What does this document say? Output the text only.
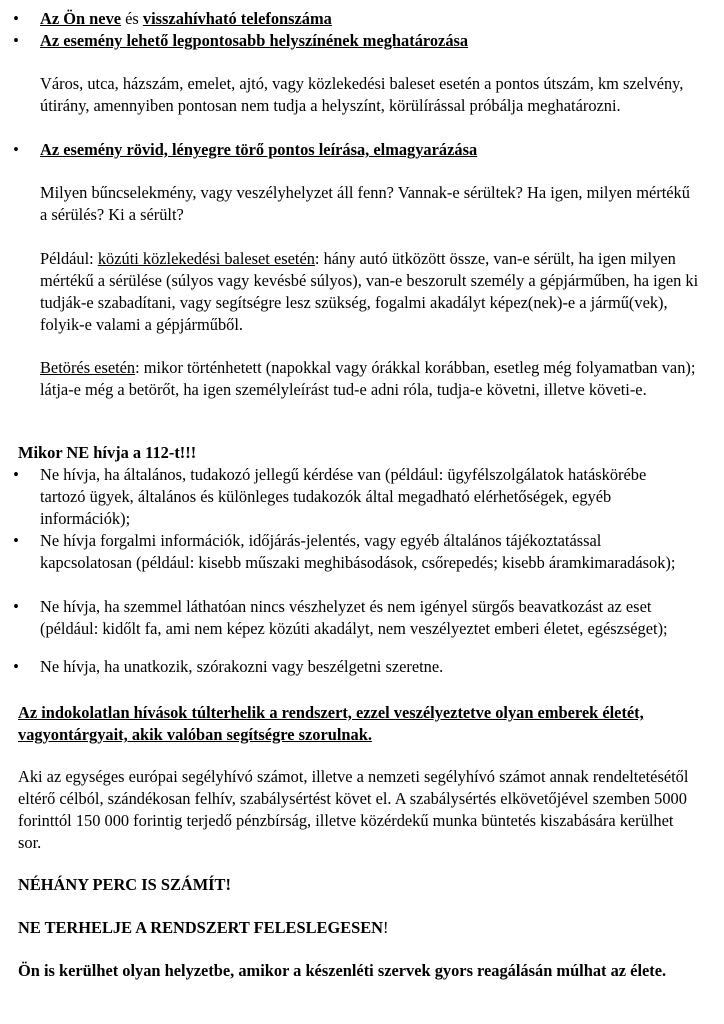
•	Az Ön neve és visszahívható telefonszáma

•	Az esemény lehető legpontosabb helyszínének meghatározása

Város, utca, házszám, emelet, ajtó, vagy közlekedési baleset esetén a pontos útszám, km szelvény, útirány, amennyiben pontosan nem tudja a helyszínt, körülírással próbálja meghatározni.

•	Az esemény rövid, lényegre törő pontos leírása, elmagyarázása

Milyen bűncselekmény, vagy veszélyhelyzet áll fenn? Vannak-e sérültek? Ha igen, milyen mértékű a sérülés? Ki a sérült?

Például: közúti közlekedési baleset esetén: hány autó ütközött össze, van-e sérült, ha igen milyen mértékű a sérülése (súlyos vagy kevésbé súlyos), van-e beszorult személy a gépjárműben, ha igen ki tudják-e szabadítani, vagy segítségre lesz szükség, fogalmi akadályt képez(nek)-e a jármű(vek), folyik-e valami a gépjárműből.

Betörés esetén: mikor történhetett (napokkal vagy órákkal korábban, esetleg még folyamatban van); látja-e még a betörőt, ha igen személyleírást tud-e adni róla, tudja-e követni, illetve követi-e.

Mikor NE hívja a 112-t!!!

•	Ne hívja, ha általános, tudakozó jellegű kérdése van (például: ügyfélszolgálatok hatáskörébe tartozó ügyek, általános és különleges tudakozók által megadható elérhetőségek, egyéb információk);

•	Ne hívja forgalmi információk, időjárás-jelentés, vagy egyéb általános tájékoztatással kapcsolatosan (például: kisebb műszaki meghibásodások, csőrepedés; kisebb áramkimaradások);

•	Ne hívja, ha szemmel láthatóan nincs vészhelyzet és nem igényel sürgős beavatkozást az eset (például: kidőlt fa, ami nem képez közúti akadályt, nem veszélyeztet emberi életet, egészséget);

•	Ne hívja, ha unatkozik, szórakozni vagy beszélgetni szeretne.

Az indokolatlan hívások túlterhelik a rendszert, ezzel veszélyeztetve olyan emberek életét, vagyontárgyait, akik valóban segítségre szorulnak.

Aki az egységes európai segélyhívó számot, illetve a nemzeti segélyhívó számot annak rendeltetésétől eltérő célból, szándékosan felhív, szabálysértést követ el. A szabálysértés elkövetőjével szemben 5000 forinttól 150 000 forintig terjedő pénzbírság, illetve közérdekű munka büntetés kiszabására kerülhet sor.

NÉHÁNY PERC IS SZÁMÍT!

NE TERHELJE A RENDSZERT FELESLEGESEN!

Ön is kerülhet olyan helyzetbe, amikor a készenléti szervek gyors reagálásán múlhat az élete.
